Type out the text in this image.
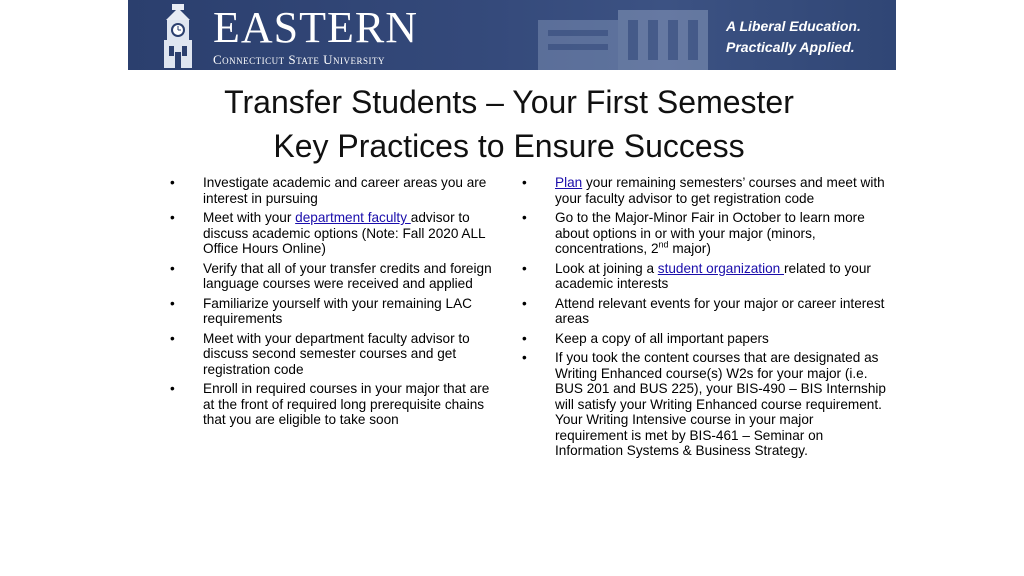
EASTERN
Connecticut State University
A Liberal Education.
Practically Applied.
Transfer Students – Your First Semester
Key Practices to Ensure Success
• Investigate academic and career areas you are interest in pursuing
• Meet with your department faculty advisor to discuss academic options (Note: Fall 2020 ALL Office Hours Online)
• Verify that all of your transfer credits and foreign language courses were received and applied
• Familiarize yourself with your remaining LAC requirements
• Meet with your department faculty advisor to discuss second semester courses and get registration code
• Enroll in required courses in your major that are at the front of required long prerequisite chains that you are eligible to take soon
• Plan your remaining semesters’ courses and meet with your faculty advisor to get registration code
• Go to the Major-Minor Fair in October to learn more about options in or with your major (minors, concentrations, 2nd major)
• Look at joining a student organization related to your academic interests
• Attend relevant events for your major or career interest areas
• Keep a copy of all important papers
• If you took the content courses that are designated as Writing Enhanced course(s) W2s for your major (i.e. BUS 201 and BUS 225), your BIS-490 – BIS Internship will satisfy your Writing Enhanced course requirement. Your Writing Intensive course in your major requirement is met by BIS-461 – Seminar on Information Systems & Business Strategy.
